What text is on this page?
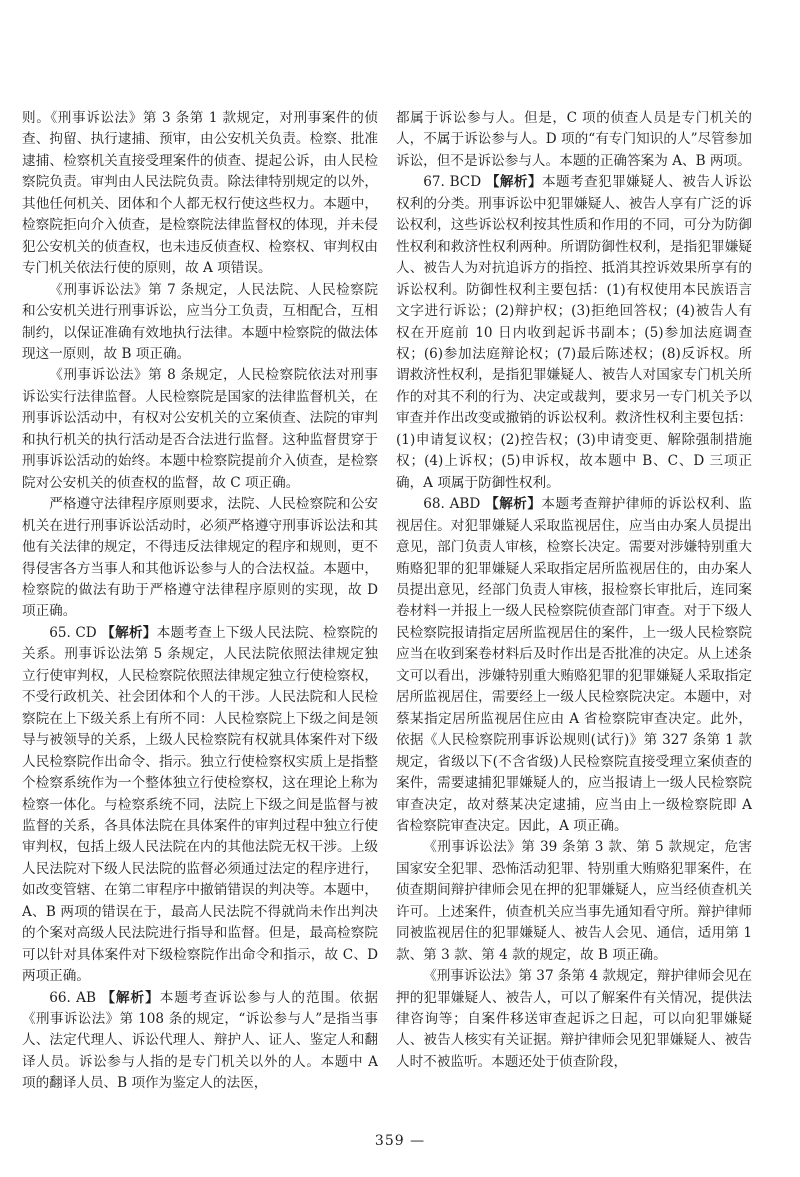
则。《刑事诉讼法》第 3 条第 1 款规定，对刑事案件的侦查、拘留、执行逮捕、预审，由公安机关负责。检察、批准逮捕、检察机关直接受理案件的侦查、提起公诉，由人民检察院负责。审判由人民法院负责。除法律特别规定的以外，其他任何机关、团体和个人都无权行使这些权力。本题中，检察院拒向介入侦查，是检察院法律监督权的体现，并未侵犯公安机关的侦查权，也未违反侦查权、检察权、审判权由专门机关依法行使的原则，故 A 项错误。

《刑事诉讼法》第 7 条规定，人民法院、人民检察院和公安机关进行刑事诉讼，应当分工负责，互相配合，互相制约，以保证准确有效地执行法律。本题中检察院的做法体现这一原则，故 B 项正确。

《刑事诉讼法》第 8 条规定，人民检察院依法对刑事诉讼实行法律监督。人民检察院是国家的法律监督机关，在刑事诉讼活动中，有权对公安机关的立案侦查、法院的审判和执行机关的执行活动是否合法进行监督。这种监督贯穿于刑事诉讼活动的始终。本题中检察院提前介入侦查，是检察院对公安机关的侦查权的监督，故 C 项正确。

严格遵守法律程序原则要求，法院、人民检察院和公安机关在进行刑事诉讼活动时，必须严格遵守刑事诉讼法和其他有关法律的规定，不得违反法律规定的程序和规则，更不得侵害各方当事人和其他诉讼参与人的合法权益。本题中，检察院的做法有助于严格遵守法律程序原则的实现，故 D 项正确。

65. CD 【解析】本题考查上下级人民法院、检察院的关系。刑事诉讼法第 5 条规定，人民法院依照法律规定独立行使审判权，人民检察院依照法律规定独立行使检察权，不受行政机关、社会团体和个人的干涉。人民法院和人民检察院在上下级关系上有所不同：人民检察院上下级之间是领导与被领导的关系，上级人民检察院有权就具体案件对下级人民检察院作出命令、指示。独立行使检察权实质上是指整个检察系统作为一个整体独立行使检察权，这在理论上称为检察一体化。与检察系统不同，法院上下级之间是监督与被监督的关系，各具体法院在具体案件的审判过程中独立行使审判权，包括上级人民法院在内的其他法院无权干涉。上级人民法院对下级人民法院的监督必须通过法定的程序进行，如改变管辖、在第二审程序中撤销错误的判决等。本题中，A、B 两项的错误在于，最高人民法院不得就尚未作出判决的个案对高级人民法院进行指导和监督。但是，最高检察院可以针对具体案件对下级检察院作出命令和指示，故 C、D 两项正确。

66. AB 【解析】本题考查诉讼参与人的范围。依据《刑事诉讼法》第 108 条的规定，“诉讼参与人”是指当事人、法定代理人、诉讼代理人、辩护人、证人、鉴定人和翻译人员。诉讼参与人指的是专门机关以外的人。本题中 A 项的翻译人员、B 项作为鉴定人的法医，

都属于诉讼参与人。但是，C 项的侦查人员是专门机关的人，不属于诉讼参与人。D 项的“有专门知识的人”尽管参加诉讼，但不是诉讼参与人。本题的正确答案为 A、B 两项。

67. BCD 【解析】本题考查犯罪嫌疑人、被告人诉讼权利的分类。刑事诉讼中犯罪嫌疑人、被告人享有广泛的诉讼权利，这些诉讼权利按其性质和作用的不同，可分为防御性权利和救济性权利两种。所谓防御性权利，是指犯罪嫌疑人、被告人为对抗追诉方的指控、抵消其控诉效果所享有的诉讼权利。防御性权利主要包括：(1)有权使用本民族语言文字进行诉讼；(2)辩护权；(3)拒绝回答权；(4)被告人有权在开庭前 10 日内收到起诉书副本；(5)参加法庭调查权；(6)参加法庭辩论权；(7)最后陈述权；(8)反诉权。所谓救济性权利，是指犯罪嫌疑人、被告人对国家专门机关所作的对其不利的行为、决定或裁判，要求另一专门机关予以审查并作出改变或撤销的诉讼权利。救济性权利主要包括：(1)申请复议权；(2)控告权；(3)申请变更、解除强制措施权；(4)上诉权；(5)申诉权，故本题中 B、C、D 三项正确，A 项属于防御性权利。

68. ABD 【解析】本题考查辩护律师的诉讼权利、监视居住。对犯罪嫌疑人采取监视居住，应当由办案人员提出意见，部门负责人审核，检察长决定。需要对涉嫌特别重大贿赂犯罪的犯罪嫌疑人采取指定居所监视居住的，由办案人员提出意见，经部门负责人审核，报检察长审批后，连同案卷材料一并报上一级人民检察院侦查部门审查。对于下级人民检察院报请指定居所监视居住的案件，上一级人民检察院应当在收到案卷材料后及时作出是否批准的决定。从上述条文可以看出，涉嫌特别重大贿赂犯罪的犯罪嫌疑人采取指定居所监视居住，需要经上一级人民检察院决定。本题中，对蔡某指定居所监视居住应由 A 省检察院审查决定。此外，依据《人民检察院刑事诉讼规则(试行)》第 327 条第 1 款规定，省级以下(不含省级)人民检察院直接受理立案侦查的案件，需要逮捕犯罪嫌疑人的，应当报请上一级人民检察院审查决定，故对蔡某决定逮捕，应当由上一级检察院即 A 省检察院审查决定。因此，A 项正确。

《刑事诉讼法》第 39 条第 3 款、第 5 款规定，危害国家安全犯罪、恐怖活动犯罪、特别重大贿赂犯罪案件，在侦查期间辩护律师会见在押的犯罪嫌疑人，应当经侦查机关许可。上述案件，侦查机关应当事先通知看守所。辩护律师同被监视居住的犯罪嫌疑人、被告人会见、通信，适用第 1 款、第 3 款、第 4 款的规定，故 B 项正确。

《刑事诉讼法》第 37 条第 4 款规定，辩护律师会见在押的犯罪嫌疑人、被告人，可以了解案件有关情况，提供法律咨询等；自案件移送审查起诉之日起，可以向犯罪嫌疑人、被告人核实有关证据。辩护律师会见犯罪嫌疑人、被告人时不被监听。本题还处于侦查阶段，

359 —
